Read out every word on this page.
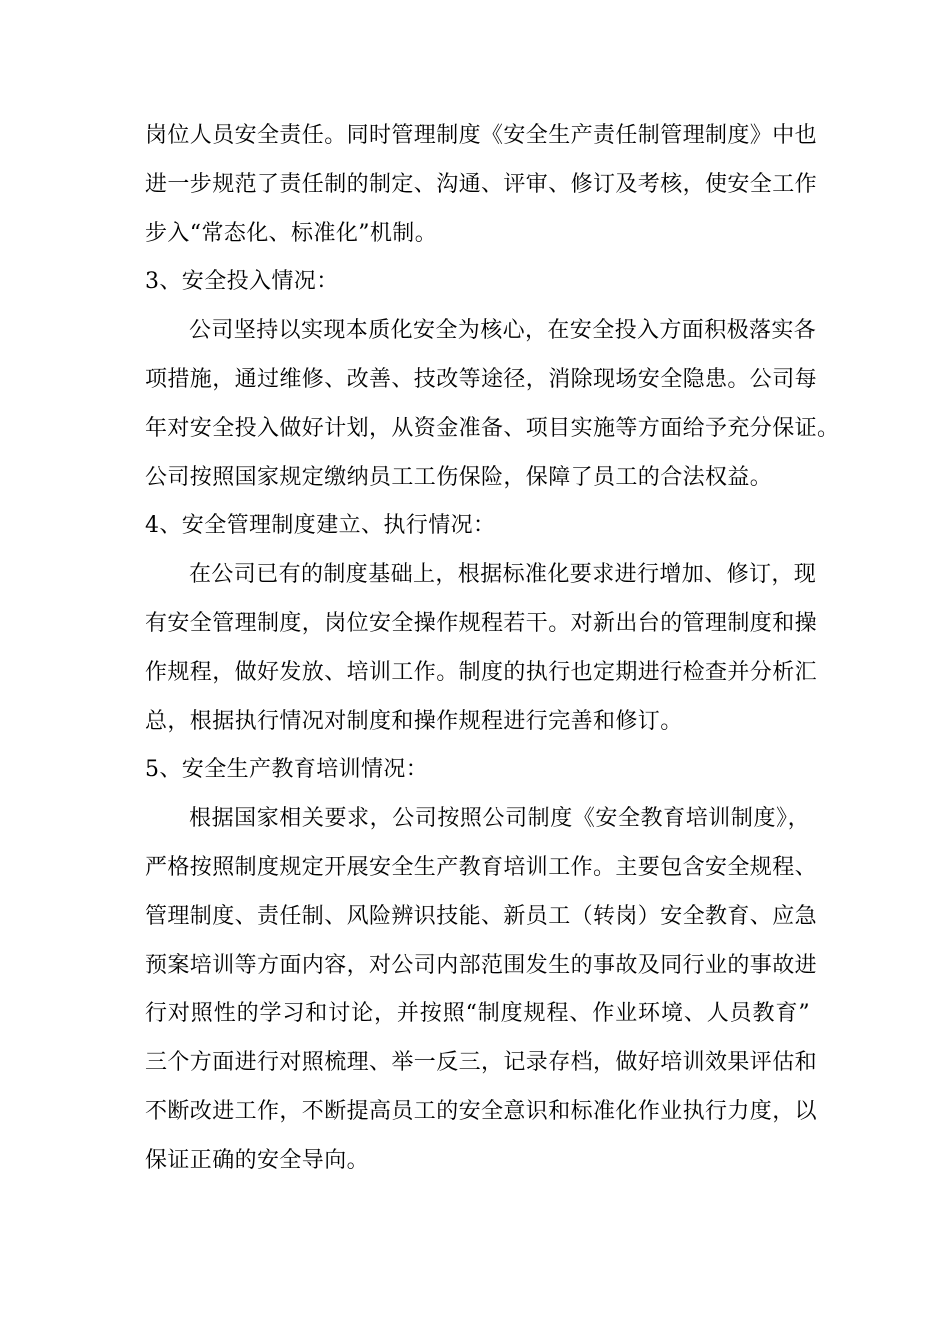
岗位人员安全责任。同时管理制度《安全生产责任制管理制度》中也
进一步规范了责任制的制定、沟通、评审、修订及考核，使安全工作
步入“常态化、标准化”机制。
3、安全投入情况：
公司坚持以实现本质化安全为核心，在安全投入方面积极落实各
项措施，通过维修、改善、技改等途径，消除现场安全隐患。公司每
年对安全投入做好计划，从资金准备、项目实施等方面给予充分保证。
公司按照国家规定缴纳员工工伤保险，保障了员工的合法权益。
4、安全管理制度建立、执行情况：
在公司已有的制度基础上，根据标准化要求进行增加、修订，现
有安全管理制度，岗位安全操作规程若干。对新出台的管理制度和操
作规程，做好发放、培训工作。制度的执行也定期进行检查并分析汇
总，根据执行情况对制度和操作规程进行完善和修订。
5、安全生产教育培训情况：
根据国家相关要求，公司按照公司制度《安全教育培训制度》，
严格按照制度规定开展安全生产教育培训工作。主要包含安全规程、
管理制度、责任制、风险辨识技能、新员工（转岗）安全教育、应急
预案培训等方面内容，对公司内部范围发生的事故及同行业的事故进
行对照性的学习和讨论，并按照“制度规程、作业环境、人员教育”
三个方面进行对照梳理、举一反三，记录存档，做好培训效果评估和
不断改进工作，不断提高员工的安全意识和标准化作业执行力度，以
保证正确的安全导向。
